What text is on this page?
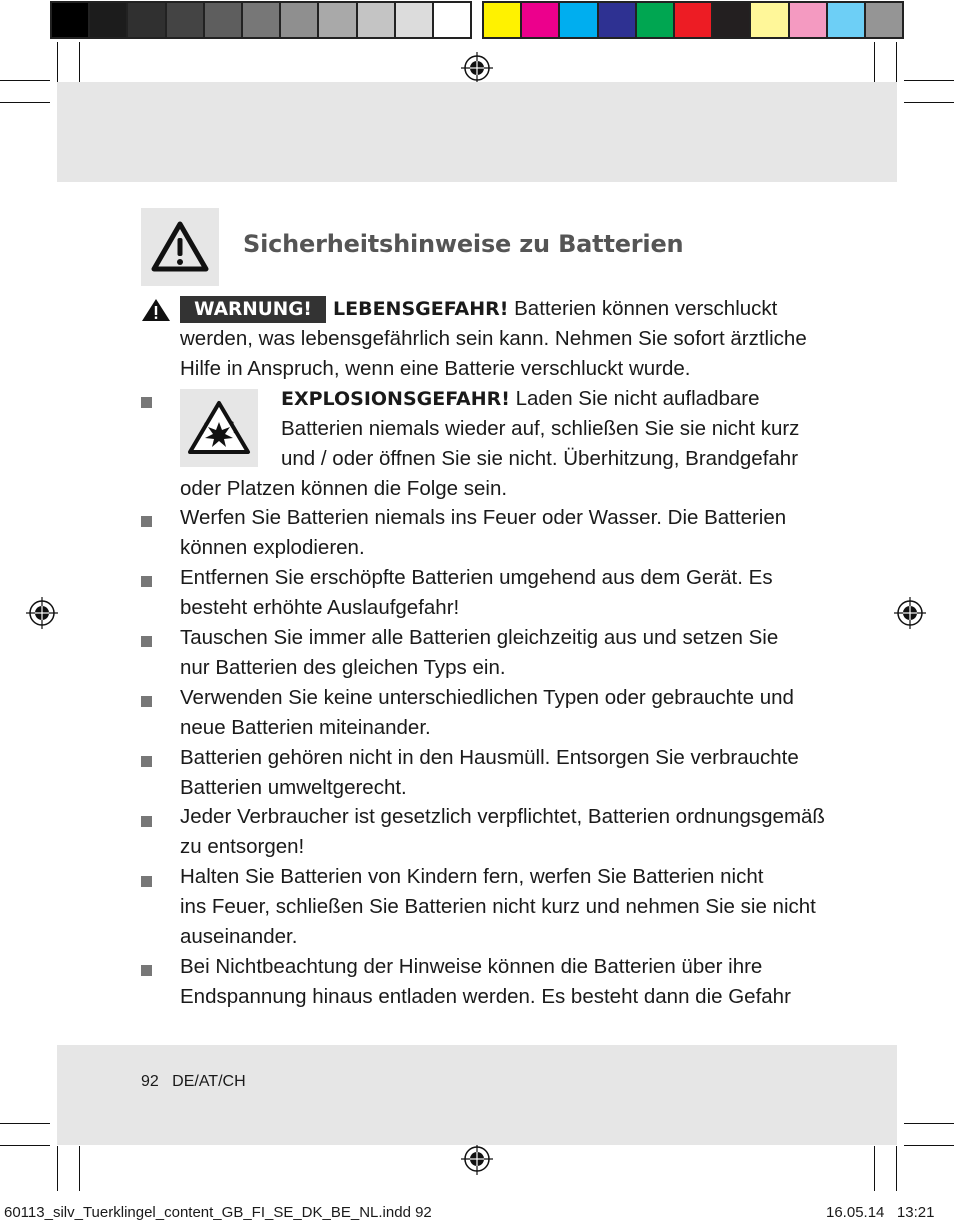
Sicherheitshinweise zu Batterien
WARNUNG!	LEBENSGEFAHR! Batterien können verschluckt
werden, was lebensgefährlich sein kann. Nehmen Sie sofort ärztliche
Hilfe in Anspruch, wenn eine Batterie verschluckt wurde.
EXPLOSIONSGEFAHR! Laden Sie nicht aufladbare
Batterien niemals wieder auf, schließen Sie sie nicht kurz
und / oder öffnen Sie sie nicht. Überhitzung, Brandgefahr
oder Platzen können die Folge sein.
Werfen Sie Batterien niemals ins Feuer oder Wasser. Die Batterien
können explodieren.
Entfernen Sie erschöpfte Batterien umgehend aus dem Gerät. Es
besteht erhöhte Auslaufgefahr!
Tauschen Sie immer alle Batterien gleichzeitig aus und setzen Sie
nur Batterien des gleichen Typs ein.
Verwenden Sie keine unterschiedlichen Typen oder gebrauchte und
neue Batterien miteinander.
Batterien gehören nicht in den Hausmüll. Entsorgen Sie verbrauchte
Batterien umweltgerecht.
Jeder Verbraucher ist gesetzlich verpflichtet, Batterien ordnungsgemäß
zu entsorgen!
Halten Sie Batterien von Kindern fern, werfen Sie Batterien nicht
ins Feuer, schließen Sie Batterien nicht kurz und nehmen Sie sie nicht
auseinander.
Bei Nichtbeachtung der Hinweise können die Batterien über ihre
Endspannung hinaus entladen werden. Es besteht dann die Gefahr
92 DE/AT/CH
60113_silv_Tuerklingel_content_GB_FI_SE_DK_BE_NL.indd 92	16.05.14 13:21
